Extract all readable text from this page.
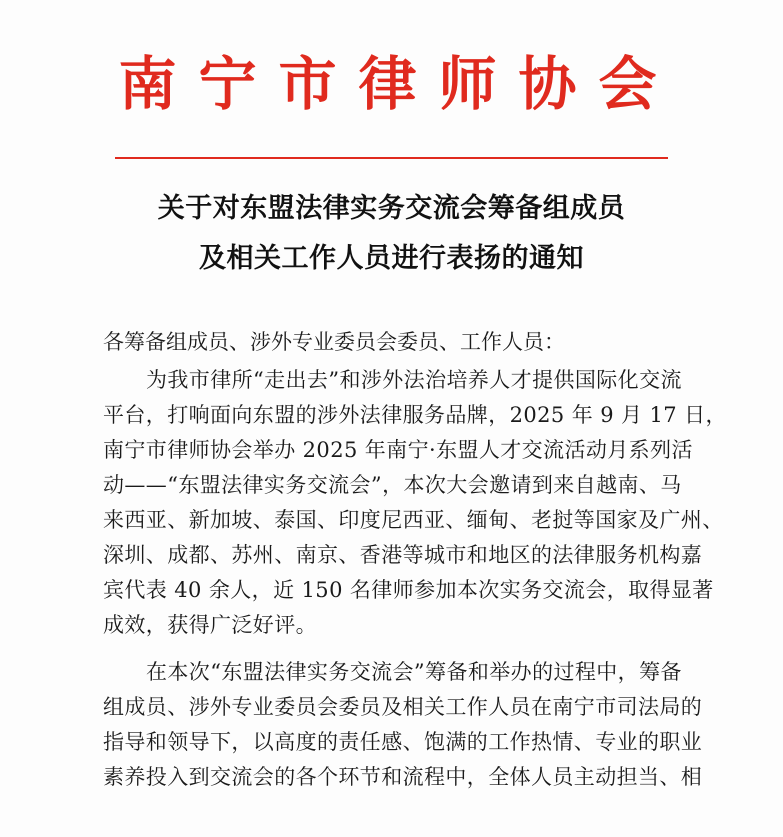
南宁市律师协会
关于对东盟法律实务交流会筹备组成员
及相关工作人员进行表扬的通知
各筹备组成员、涉外专业委员会委员、工作人员：
为我市律所“走出去”和涉外法治培养人才提供国际化交流
平台，打响面向东盟的涉外法律服务品牌，2025 年 9 月 17 日，
南宁市律师协会举办 2025 年南宁·东盟人才交流活动月系列活
动——“东盟法律实务交流会”，本次大会邀请到来自越南、马
来西亚、新加坡、泰国、印度尼西亚、缅甸、老挝等国家及广州、
深圳、成都、苏州、南京、香港等城市和地区的法律服务机构嘉
宾代表 40 余人，近 150 名律师参加本次实务交流会，取得显著
成效，获得广泛好评。
在本次“东盟法律实务交流会”筹备和举办的过程中，筹备
组成员、涉外专业委员会委员及相关工作人员在南宁市司法局的
指导和领导下，以高度的责任感、饱满的工作热情、专业的职业
素养投入到交流会的各个环节和流程中，全体人员主动担当、相
